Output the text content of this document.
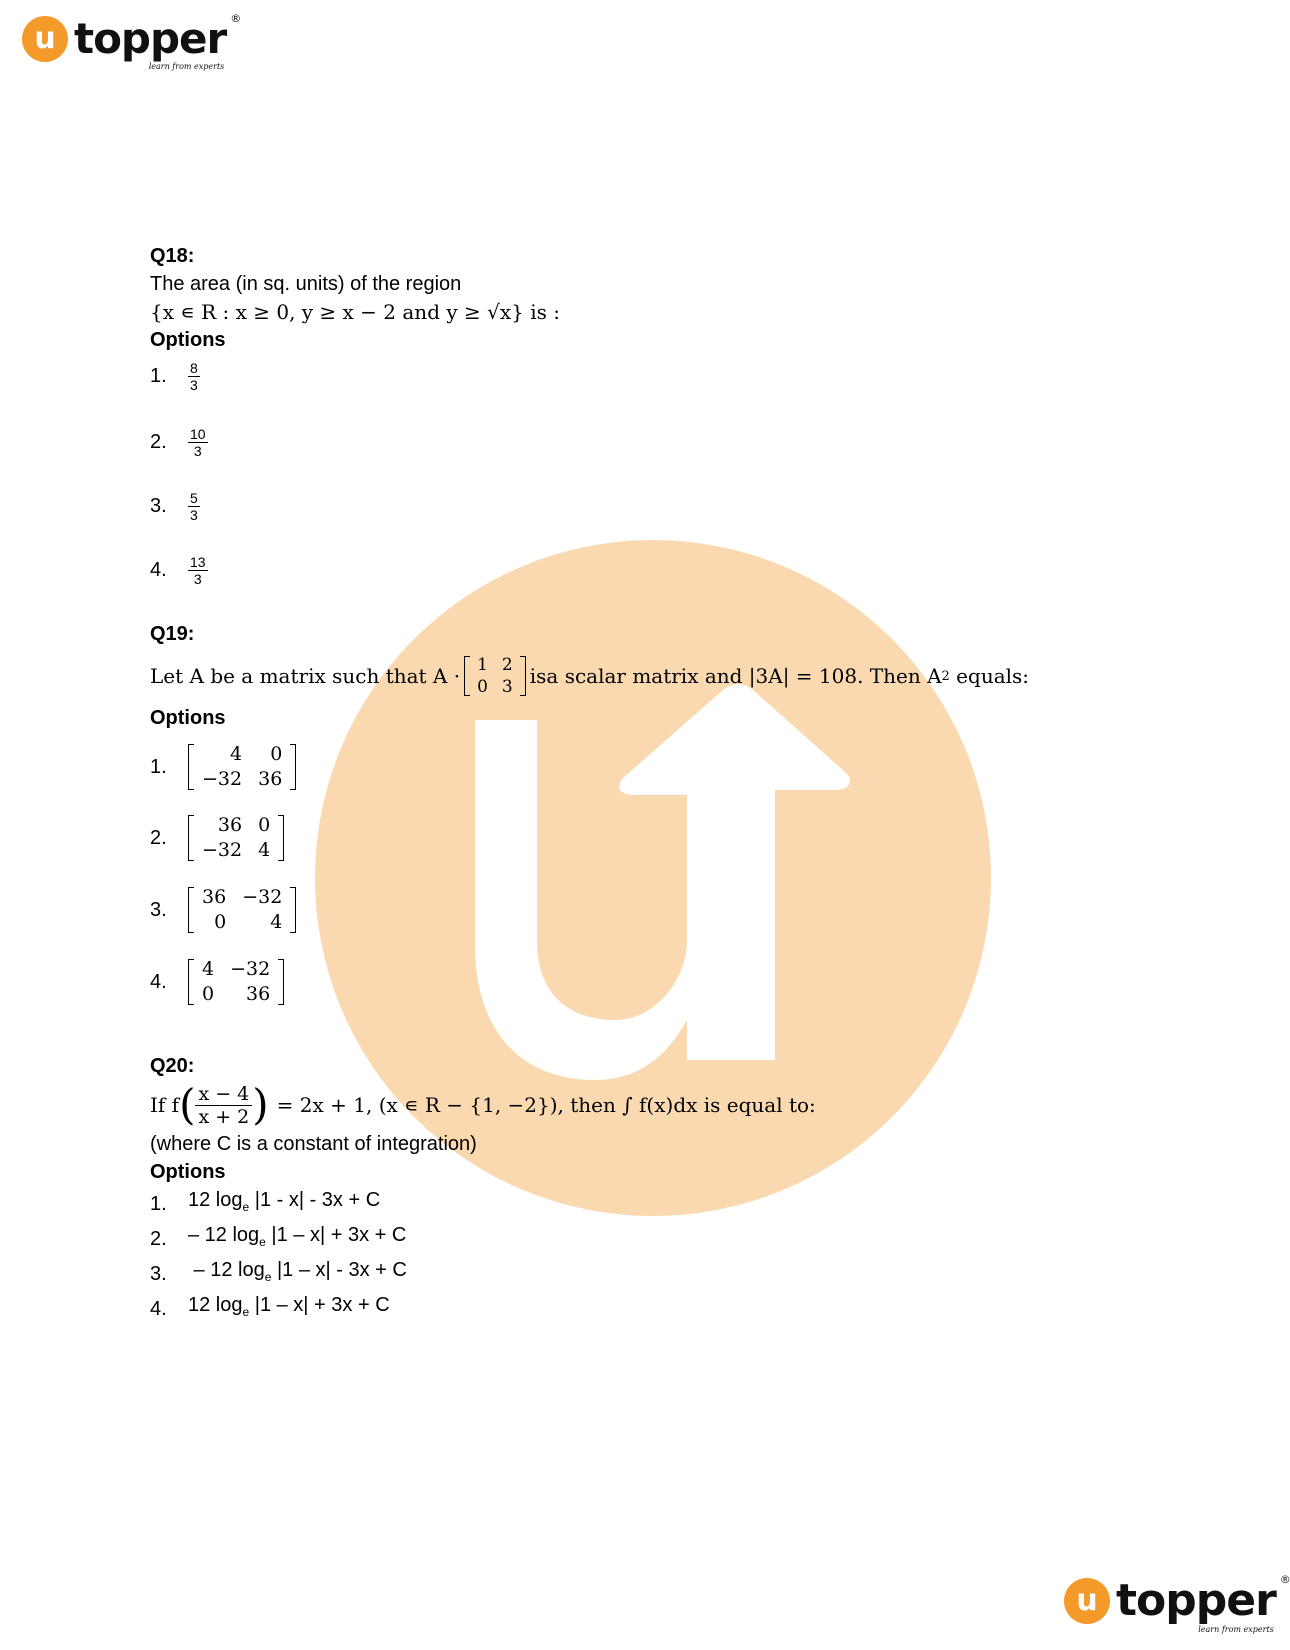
u topper ®
learn from experts
Q18:
The area (in sq. units) of the region
{x ∊ R : x ≥ 0, y ≥ x − 2 and y ≥ √x} is :
Options
1.	$\frac{8}{3}$
2.	$\frac{10}{3}$
3.	$\frac{5}{3}$
4.	$\frac{13}{3}$
Q19:
Let A be a matrix such that A · 1	2
0	3 isa scalar matrix and |3A| = 108. Then A 2 equals:
Options
1.
4	0
−32	36
2.
36	0
−32	4
3.
36	−32
0	4
4.
4	−32
0	36
Q20:
If f ( $\frac{x - 4}{x + 2}$ ) = 2x + 1, (x ∊ R − {1, −2}), then ∫ f(x)dx is equal to:
(where C is a constant of integration)
Options
1.	12 $\log_e |1 - x| - 3x + C$
2.	– 12 $\log_e |1 - x| + 3x + C$
3.	– 12 $\log_e |1 - x| - 3x + C$
4.	12 $\log_e |1 - x| + 3x + C$
u topper ®
learn from experts
